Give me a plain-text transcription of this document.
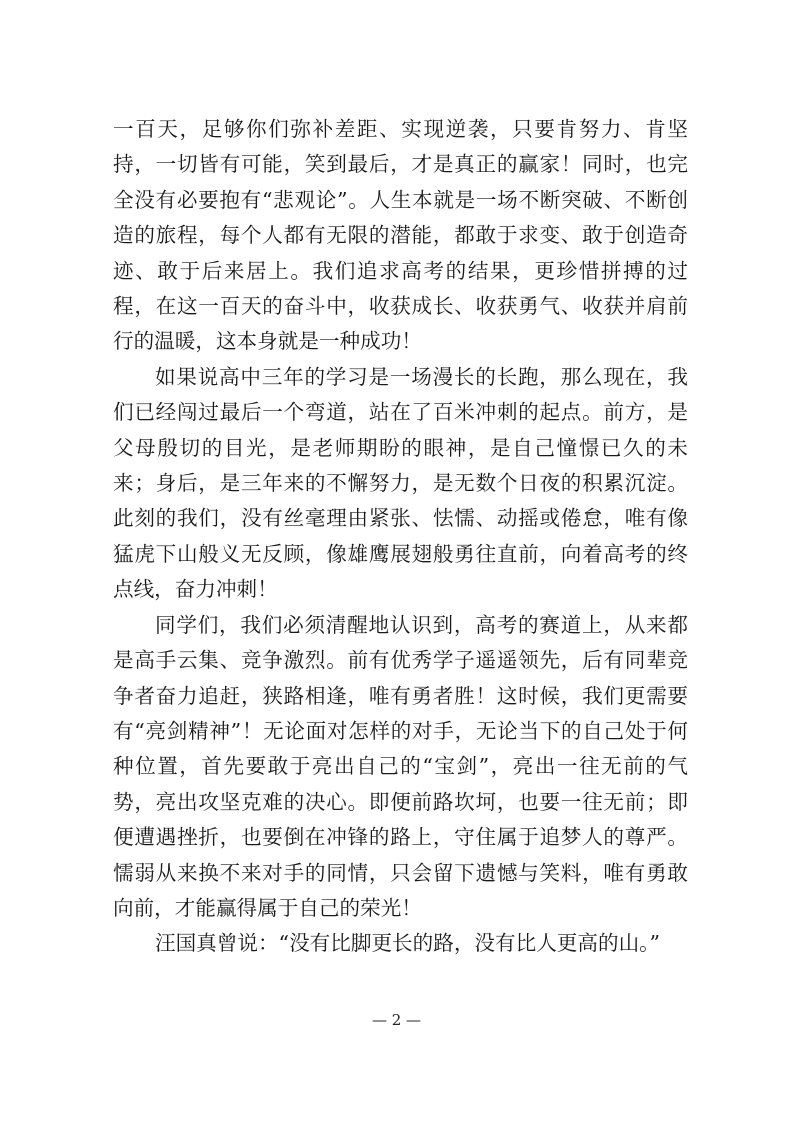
一百天，足够你们弥补差距、实现逆袭，只要肯努力、肯坚持，一切皆有可能，笑到最后，才是真正的赢家！同时，也完全没有必要抱有“悲观论”。人生本就是一场不断突破、不断创造的旅程，每个人都有无限的潜能，都敢于求变、敢于创造奇迹、敢于后来居上。我们追求高考的结果，更珍惜拼搏的过程，在这一百天的奋斗中，收获成长、收获勇气、收获并肩前行的温暖，这本身就是一种成功！

如果说高中三年的学习是一场漫长的长跑，那么现在，我们已经闯过最后一个弯道，站在了百米冲刺的起点。前方，是父母殷切的目光，是老师期盼的眼神，是自己憧憬已久的未来；身后，是三年来的不懈努力，是无数个日夜的积累沉淀。此刻的我们，没有丝毫理由紧张、怯懦、动摇或倦怠，唯有像猛虎下山般义无反顾，像雄鹰展翅般勇往直前，向着高考的终点线，奋力冲刺！

同学们，我们必须清醒地认识到，高考的赛道上，从来都是高手云集、竞争激烈。前有优秀学子遥遥领先，后有同辈竞争者奋力追赶，狭路相逢，唯有勇者胜！这时候，我们更需要有“亮剑精神”！无论面对怎样的对手，无论当下的自己处于何种位置，首先要敢于亮出自己的“宝剑”，亮出一往无前的气势，亮出攻坚克难的决心。即便前路坎坷，也要一往无前；即便遭遇挫折，也要倒在冲锋的路上，守住属于追梦人的尊严。懦弱从来换不来对手的同情，只会留下遗憾与笑料，唯有勇敢向前，才能赢得属于自己的荣光！

汪国真曾说：“没有比脚更长的路，没有比人更高的山。”

— 2 —
